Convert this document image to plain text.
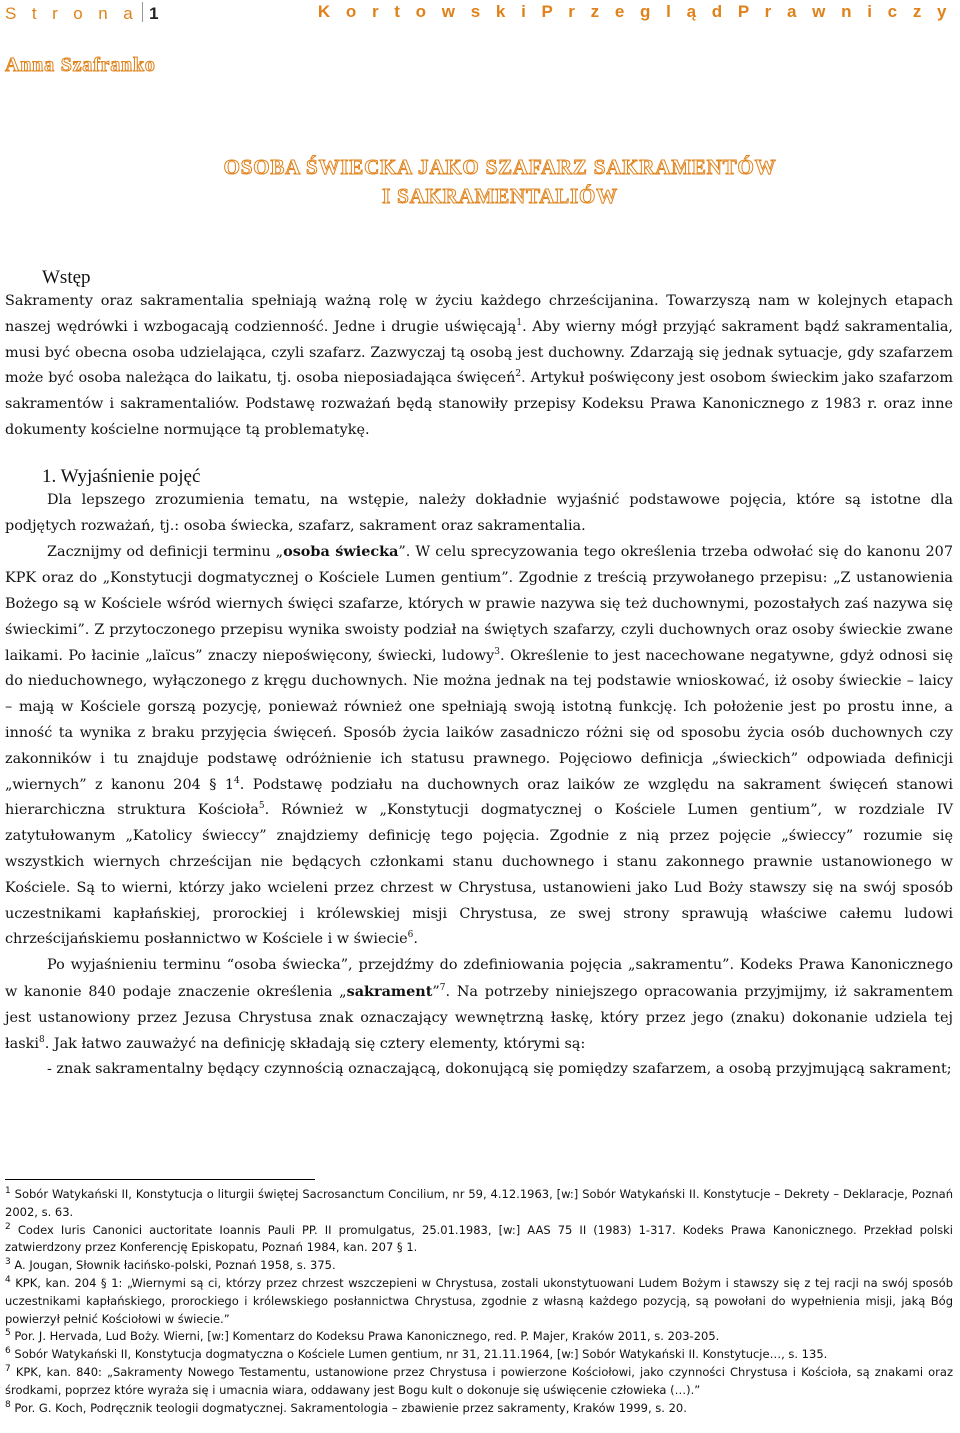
S t r o n a 1	K o r t o w s k i P r z e g l ą d P r a w n i c z y
Anna Szafranko
OSOBA ŚWIECKA JAKO SZAFARZ SAKRAMENTÓW
I SAKRAMENTALIÓW

Wstęp

Sakramenty oraz sakramentalia spełniają ważną rolę w życiu każdego chrześcijanina. Towarzyszą nam w kolejnych etapach naszej wędrówki i wzbogacają codzienność. Jedne i drugie uświęcają$^1$. Aby wierny mógł przyjąć sakrament bądź sakramentalia, musi być obecna osoba udzielająca, czyli szafarz. Zazwyczaj tą osobą jest duchowny. Zdarzają się jednak sytuacje, gdy szafarzem może być osoba należąca do laikatu, tj. osoba nieposiadająca święceń$^2$. Artykuł poświęcony jest osobom świeckim jako szafarzom sakramentów i sakramentaliów. Podstawę rozważań będą stanowiły przepisy Kodeksu Prawa Kanonicznego z 1983 r. oraz inne dokumenty kościelne normujące tą problematykę.

1. Wyjaśnienie pojęć

Dla lepszego zrozumienia tematu, na wstępie, należy dokładnie wyjaśnić podstawowe pojęcia, które są istotne dla podjętych rozważań, tj.: osoba świecka, szafarz, sakrament oraz sakramentalia.

Zacznijmy od definicji terminu „osoba świecka”. W celu sprecyzowania tego określenia trzeba odwołać się do kanonu 207 KPK oraz do „Konstytucji dogmatycznej o Kościele Lumen gentium”. Zgodnie z treścią przywołanego przepisu: „Z ustanowienia Bożego są w Kościele wśród wiernych święci szafarze, których w prawie nazywa się też duchownymi, pozostałych zaś nazywa się świeckimi”. Z przytoczonego przepisu wynika swoisty podział na świętych szafarzy, czyli duchownych oraz osoby świeckie zwane laikami. Po łacinie „laïcus” znaczy niepoświęcony, świecki, ludowy$^3$. Określenie to jest nacechowane negatywne, gdyż odnosi się do nieduchownego, wyłączonego z kręgu duchownych. Nie można jednak na tej podstawie wnioskować, iż osoby świeckie – laicy – mają w Kościele gorszą pozycję, ponieważ również one spełniają swoją istotną funkcję. Ich położenie jest po prostu inne, a inność ta wynika z braku przyjęcia święceń. Sposób życia laików zasadniczo różni się od sposobu życia osób duchownych czy zakonników i tu znajduje podstawę odróżnienie ich statusu prawnego. Pojęciowo definicja „świeckich” odpowiada definicji „wiernych” z kanonu 204 § $1^4$. Podstawę podziału na duchownych oraz laików ze względu na sakrament święceń stanowi hierarchiczna struktura Kościoła$^5$. Również w „Konstytucji dogmatycznej o Kościele Lumen gentium”, w rozdziale IV zatytułowanym „Katolicy świeccy” znajdziemy definicję tego pojęcia. Zgodnie z nią przez pojęcie „świeccy” rozumie się wszystkich wiernych chrześcijan nie będących członkami stanu duchownego i stanu zakonnego prawnie ustanowionego w Kościele. Są to wierni, którzy jako wcieleni przez chrzest w Chrystusa, ustanowieni jako Lud Boży stawszy się na swój sposób uczestnikami kapłańskiej, prorockiej i królewskiej misji Chrystusa, ze swej strony sprawują właściwe całemu ludowi chrześcijańskiemu posłannictwo w Kościele i w świecie$^6$.

Po wyjaśnieniu terminu “osoba świecka”, przejdźmy do zdefiniowania pojęcia „sakramentu”. Kodeks Prawa Kanonicznego w kanonie 840 podaje znaczenie określenia „sakrament”$^7$. Na potrzeby niniejszego opracowania przyjmijmy, iż sakramentem jest ustanowiony przez Jezusa Chrystusa znak oznaczający wewnętrzną łaskę, który przez jego (znaku) dokonanie udziela tej łaski$^8$. Jak łatwo zauważyć na definicję składają się cztery elementy, którymi są:

- znak sakramentalny będący czynnością oznaczającą, dokonującą się pomiędzy szafarzem, a osobą przyjmującą sakrament;

$^1$ Sobór Watykański II, Konstytucja o liturgii świętej Sacrosanctum Concilium, nr 59, 4.12.1963, [w:] Sobór Watykański II. Konstytucje – Dekrety – Deklaracje, Poznań 2002, s. 63.

$^2$ Codex Iuris Canonici auctoritate Ioannis Pauli PP. II promulgatus, 25.01.1983, [w:] AAS 75 II (1983) 1-317. Kodeks Prawa Kanonicznego. Przekład polski zatwierdzony przez Konferencję Episkopatu, Poznań 1984, kan. 207 § 1.

$^3$ A. Jougan, Słownik łacińsko-polski, Poznań 1958, s. 375.

$^4$ KPK, kan. 204 § 1: „Wiernymi są ci, którzy przez chrzest wszczepieni w Chrystusa, zostali ukonstytuowani Ludem Bożym i stawszy się z tej racji na swój sposób uczestnikami kapłańskiego, prorockiego i królewskiego posłannictwa Chrystusa, zgodnie z własną każdego pozycją, są powołani do wypełnienia misji, jaką Bóg powierzył pełnić Kościołowi w świecie.”

$^5$ Por. J. Hervada, Lud Boży. Wierni, [w:] Komentarz do Kodeksu Prawa Kanonicznego, red. P. Majer, Kraków 2011, s. 203-205.

$^6$ Sobór Watykański II, Konstytucja dogmatyczna o Kościele Lumen gentium, nr 31, 21.11.1964, [w:] Sobór Watykański II. Konstytucje…, s. 135.

$^7$ KPK, kan. 840: „Sakramenty Nowego Testamentu, ustanowione przez Chrystusa i powierzone Kościołowi, jako czynności Chrystusa i Kościoła, są znakami oraz środkami, poprzez które wyraża się i umacnia wiara, oddawany jest Bogu kult o dokonuje się uświęcenie człowieka (…).”

$^8$ Por. G. Koch, Podręcznik teologii dogmatycznej. Sakramentologia – zbawienie przez sakramenty, Kraków 1999, s. 20.
